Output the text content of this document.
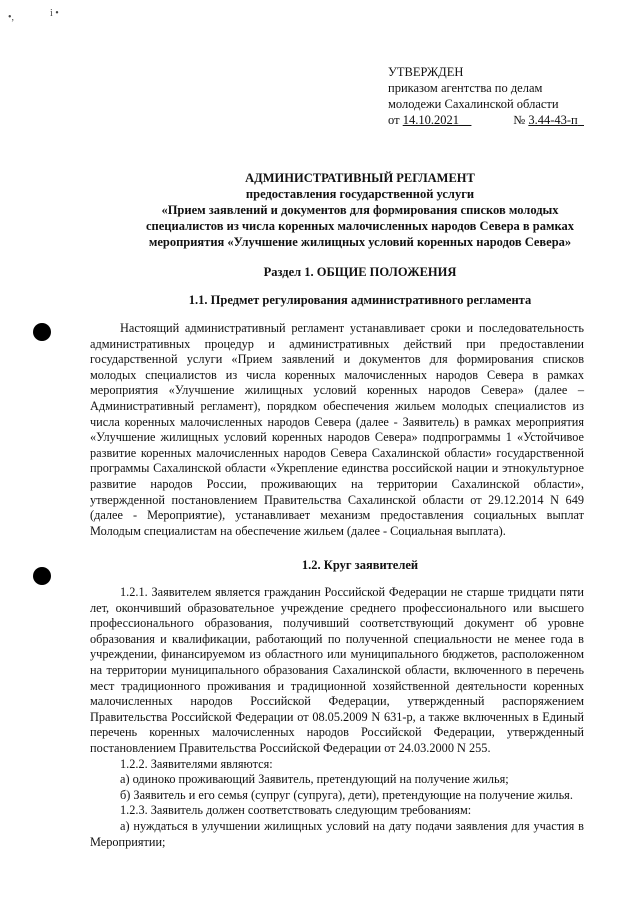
•,	i •
УТВЕРЖДЕН
приказом агентства по делам
молодежи Сахалинской области
от 14.10.2021	№ 3.44-43-п
АДМИНИСТРАТИВНЫЙ РЕГЛАМЕНТ
предоставления государственной услуги
«Прием заявлений и документов для формирования списков молодых
специалистов из числа коренных малочисленных народов Севера в рамках
мероприятия «Улучшение жилищных условий коренных народов Севера»
Раздел 1. ОБЩИЕ ПОЛОЖЕНИЯ
1.1. Предмет регулирования административного регламента

Настоящий административный регламент устанавливает сроки и последовательность административных процедур и административных действий при предоставлении государственной услуги «Прием заявлений и документов для формирования списков молодых специалистов из числа коренных малочисленных народов Севера в рамках мероприятия «Улучшение жилищных условий коренных народов Севера» (далее – Административный регламент), порядком обеспечения жильем молодых специалистов из числа коренных малочисленных народов Севера (далее - Заявитель) в рамках мероприятия «Улучшение жилищных условий коренных народов Севера» подпрограммы 1 «Устойчивое развитие коренных малочисленных народов Севера Сахалинской области» государственной программы Сахалинской области «Укрепление единства российской нации и этнокультурное развитие народов России, проживающих на территории Сахалинской области», утвержденной постановлением Правительства Сахалинской области от 29.12.2014 N 649 (далее - Мероприятие), устанавливает механизм предоставления социальных выплат Молодым специалистам на обеспечение жильем (далее - Социальная выплата).

1.2. Круг заявителей

1.2.1. Заявителем является гражданин Российской Федерации не старше тридцати пяти лет, окончивший образовательное учреждение среднего профессионального или высшего профессионального образования, получивший соответствующий документ об уровне образования и квалификации, работающий по полученной специальности не менее года в учреждении, финансируемом из областного или муниципального бюджетов, расположенном на территории муниципального образования Сахалинской области, включенного в перечень мест традиционного проживания и традиционной хозяйственной деятельности коренных малочисленных народов Российской Федерации, утвержденный распоряжением Правительства Российской Федерации от 08.05.2009 N 631-р, а также включенных в Единый перечень коренных малочисленных народов Российской Федерации, утвержденный постановлением Правительства Российской Федерации от 24.03.2000 N 255.

1.2.2. Заявителями являются:

а) одиноко проживающий Заявитель, претендующий на получение жилья;

б) Заявитель и его семья (супруг (супруга), дети), претендующие на получение жилья.

1.2.3. Заявитель должен соответствовать следующим требованиям:

а) нуждаться в улучшении жилищных условий на дату подачи заявления для участия в Мероприятии;
